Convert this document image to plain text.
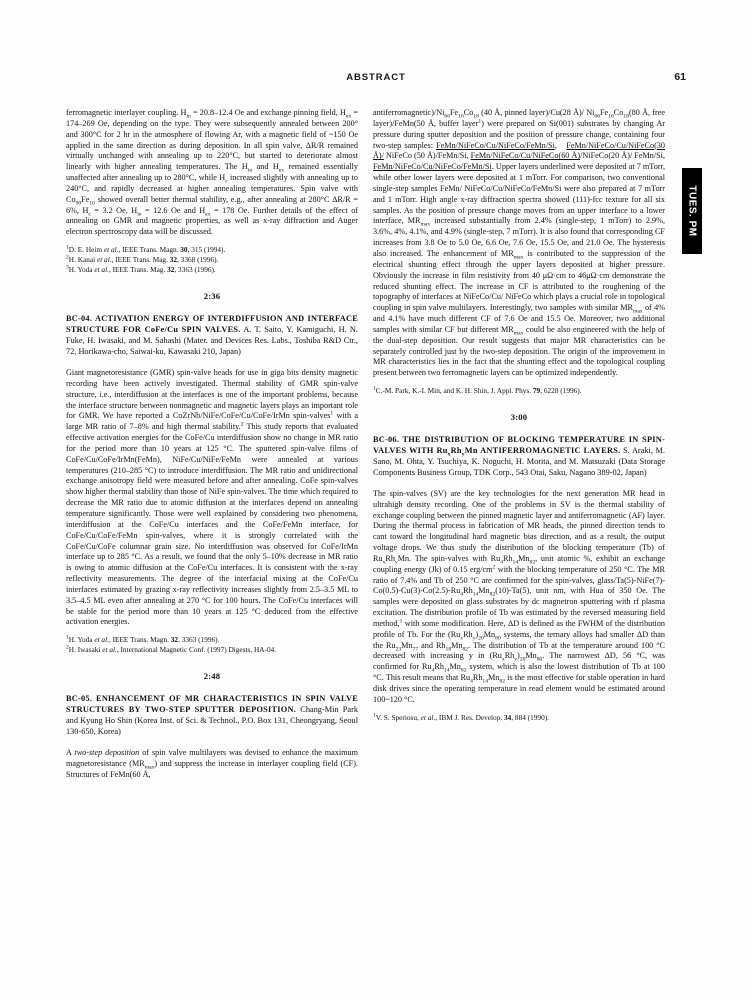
ABSTRACT	61
TUES. PM

ferromagnetic interlayer coupling. $H_{in} = 20.8-12.4$ Oe and exchange pinning field, $H_{ex} = 174-269$ Oe, depending on the type. They were subsequently annealed between 200° and 300°C for 2 hr in the atmosphere of flowing Ar, with a magnetic field of ~150 Oe applied in the same direction as during deposition. In all spin valve, ΔR/R remained virtually unchanged with annealing up to 220°C, but started to deteriorate almost linearly with higher annealing temperatures. The $H_{in}$ and $H_{ex}$ remained essentially unaffected after annealing up to 280°C, while $H_c$ increased slightly with annealing up to 240°C, and rapidly decreased at higher annealing temperatures. Spin valve with $Co_{90}Fe_{10}$ showed overall better thermal stability, e.g., after annealing at 280°C ΔR/R = 6%, $H_c = 3.2$ Oe, $H_{in} = 12.6$ Oe and $H_{ex} = 178$ Oe. Further details of the effect of annealing on GMR and magnetic properties, as well as x-ray diffraction and Auger electron spectroscopy data will be discussed.

$^1$D. E. Heim et al., IEEE Trans. Magn. 30, 315 (1994).
$^2$H. Kanai et al., IEEE Trans. Mag. 32, 3368 (1996).
$^3$H. Yoda et al., IEEE Trans. Mag. 32, 3363 (1996).
2:36
BC-04. ACTIVATION ENERGY OF INTERDIFFUSION AND INTERFACE STRUCTURE FOR CoFe/Cu SPIN VALVES. A. T. Saito, Y. Kamiguchi, H. N. Fuke, H. Iwasaki, and M. Sahashi (Mater. and Devices Res. Labs., Toshiba R&D Ctr., 72, Horikawa-cho, Saiwai-ku, Kawasaki 210, Japan)

Giant magnetoresistance (GMR) spin-valve heads for use in giga bits density magnetic recording have been actively investigated. Thermal stability of GMR spin-valve structure, i.e., interdiffusion at the interfaces is one of the important problems, because the interface structure between nonmagnetic and magnetic layers plays an important role for GMR. We have reported a CoZrNb/NiFe/CoFe/Cu/CoFe/IrMn spin-valves$^1$ with a large MR ratio of 7–8% and high thermal stability.$^2$ This study reports that evaluated effective activation energies for the CoFe/Cu interdiffusion show no change in MR ratio for the period more than 10 years at 125 °C. The sputtered spin-valve films of CoFe/Cu/CoFe/IrMn(FeMn), NiFe/Cu/NiFe/FeMn were annealed at various temperatures (210–285 °C) to introduce interdiffusion. The MR ratio and unidirectional exchange anisotropy field were measured before and after annealing. CoFe spin-valves show higher thermal stability than those of NiFe spin-valves. The time which required to decrease the MR ratio due to atomic diffusion at the interfaces depend on annealing temperature significantly. Those were well explained by considering two phenomena, interdiffusion at the CoFe/Cu interfaces and the CoFe/FeMn interface, for CoFe/Cu/CoFe/FeMn spin-valves, where it is strongly correlated with the CoFe/Cu/CoFe columnar grain size. No interdiffusion was observed for CoFe/IrMn interface up to 285 °C. As a result, we found that the only 5–10% decrease in MR ratio is owing to atomic diffusion at the CoFe/Cu interfaces. It is consistent with the x-ray reflectivity measurements. The degree of the interfacial mixing at the CoFe/Cu interfaces estimated by grazing x-ray reflectivity increases slightly from 2.5–3.5 ML to 3.5–4.5 ML even after annealing at 270 °C for 100 hours. The CoFe/Cu interfaces will be stable for the period more than 10 years at 125 °C deduced from the effective activation energies.

$^1$H. Yoda et al., IEEE Trans. Magn. 32, 3363 (1996).
$^2$H. Iwasaki et al., International Magnetic Conf. (1997) Digests, HA-04.
2:48
BC-05. ENHANCEMENT OF MR CHARACTERISTICS IN SPIN VALVE STRUCTURES BY TWO-STEP SPUTTER DEPOSITION. Chang-Min Park and Kyung Ho Shin (Korea Inst. of Sci. & Technol., P.O. Box 131, Cheongryang, Seoul 130-650, Korea)

A two-step deposition of spin valve multilayers was devised to enhance the maximum magnetoresistance $(MR_{max})$ and suppress the increase in interlayer coupling field (CF). Structures of FeMn(60 Å,

$antiferromagnetic)/Ni_{66}Fe_{16}Co_{18}$ (40 Å, pinned layer)/Cu(28 Å)/ $Ni_{66}Fe_{16}Co_{18}(80$ Å, free layer)/FeMn(50 Å, buffer layer$^1$) were prepared on Si(001) substrates by changing Ar pressure during sputter deposition and the position of pressure change, containing four two-step samples: FeMn/NiFeCo/Cu/NiFeCo/FeMn/Si,   FeMn/NiFeCo/Cu/NiFeCo(30 Å)/ NiFeCo (50 Å)/FeMn/Si, FeMn/NiFeCo/Cu/NiFeCo(60 Å)/NiFeCo(20 Å)/ FeMn/Si, FeMn/NiFeCo/Cu/NiFeCo/FeMn/Si. Upper layers underlined were deposited at 7 mTorr, while other lower layers were deposited at 1 mTorr. For comparison, two conventional single-step samples FeMn/ NiFeCo/Cu/NiFeCo/FeMn/Si were also prepared at 7 mTorr and 1 mTorr. High angle x-ray diffraction spectra showed (111)-fcc texture for all six samples. As the position of pressure change moves from an upper interface to a lower interface, $MR_{max}$ increased substantially from 2.4% (single-step, 1 mTorr) to 2.9%, 3.6%, 4%, 4.1%, and 4.9% (single-step, 7 mTorr). It is also found that corresponding CF increases from 3.8 Oe to 5.0 Oe, 6.6 Oe, 7.6 Oe, 15.5 Oe, and 21.0 Oe. The hysteresis also increased. The enhancement of $MR_{max}$ is contributed to the suppression of the electrical shunting effect through the upper layers deposited at higher pressure. Obviously the increase in film resistivity from 40 μΩ·cm to 46μΩ·cm demonstrate the reduced shunting effect. The increase in CF is attributed to the roughening of the topography of interfaces at NiFeCo/Cu/ NiFeCo which plays a crucial role in topological coupling in spin valve multilayers. Interestingly, two samples with similar $MR_{max}$ of 4% and 4.1% have much different CF of 7.6 Oe and 15.5 Oe. Moreover, two additional samples with similar CF but different $MR_{max}$ could be also engineered with the help of the dual-step deposition. Our result suggests that major MR characteristics can be separately controlled just by the two-step deposition. The origin of the improvement in MR characteristics lies in the fact that the shunting effect and the topological coupling present between two ferromagnetic layers can be optimized independently.

$^1$C.-M. Park, K.-I. Min, and K. H. Shin, J. Appl. Phys. 79, 6228 (1996).
3:00
BC-06. THE DISTRIBUTION OF BLOCKING TEMPERATURE IN SPIN-VALVES WITH $Ru_xRh_yMn$ ANTIFERROMAGNETIC LAYERS. S. Araki, M. Sano, M. Ohta, Y. Tsuchiya, K. Noguchi, H. Morita, and M. Matsuzaki (Data Storage Components Business Group, TDK Corp., 543 Otai, Saku, Nagano 389-02, Japan)

The spin-valves (SV) are the key technologies for the next generation MR head in ultrahigh density recording. One of the problems in SV is the thermal stability of exchange coupling between the pinned magnetic layer and antiferromagnetic (AF) layer. During the thermal process in fabrication of MR heads, the pinned direction tends to cant toward the longitudinal hard magnetic bias direction, and as a result, the output voltage drops. We thus study the distribution of the blocking temperature (Tb) of $Ru_xRh_yMn$. The spin-valves with $Ru_4Rh_{14}Mn_{82}$, unit atomic %, exhibit an exchange coupling energy (Jk) of 0.15 erg/$cm^2$ with the blocking temperature of 250 °C. The MR ratio of 7.4% and Tb of 250 °C are confirmed for the spin-valves, glass/$Ta(5)-NiFe(7)-Co(0.5)-Cu(3)-Co(2.5)-Ru_4Rh_{14}Mn_{82}(10)-Ta(5)$, unit nm, with Hua of 350 Oe. The samples were deposited on glass substrates by dc magnetron sputtering with rf plasma excitation. The distribution profile of Tb was estimated by the reversed measuring field method,$^1$ with some modification. Here, ΔD is defined as the FWHM of the distribution profile of Tb. For the $(Ru_xRh_y)_{20}Mn_{80}$ systems, the ternary alloys had smaller ΔD than the $Ru_{23}Mn_{77}$ and $Rh_{18}Mn_{82}$. The distribution of Tb at the temperature around 100 °C decreased with increasing y in $(Ru_xRh_y)_{20}Mn_{80}$. The narrowest ΔD, 56 °C, was confirmed for $Ru_4Rh_{14}Mn_{82}$ system, which is also the lowest distribution of Tb at 100 °C. This result means that $Ru_4Rh_{14}Mn_{82}$ is the most effective for stable operation in hard disk drives since the operating temperature in read element would be estimated around 100~120 °C.

$^1$V. S. Speriosu, et al., IBM J. Res. Develop. 34, 884 (1990).
